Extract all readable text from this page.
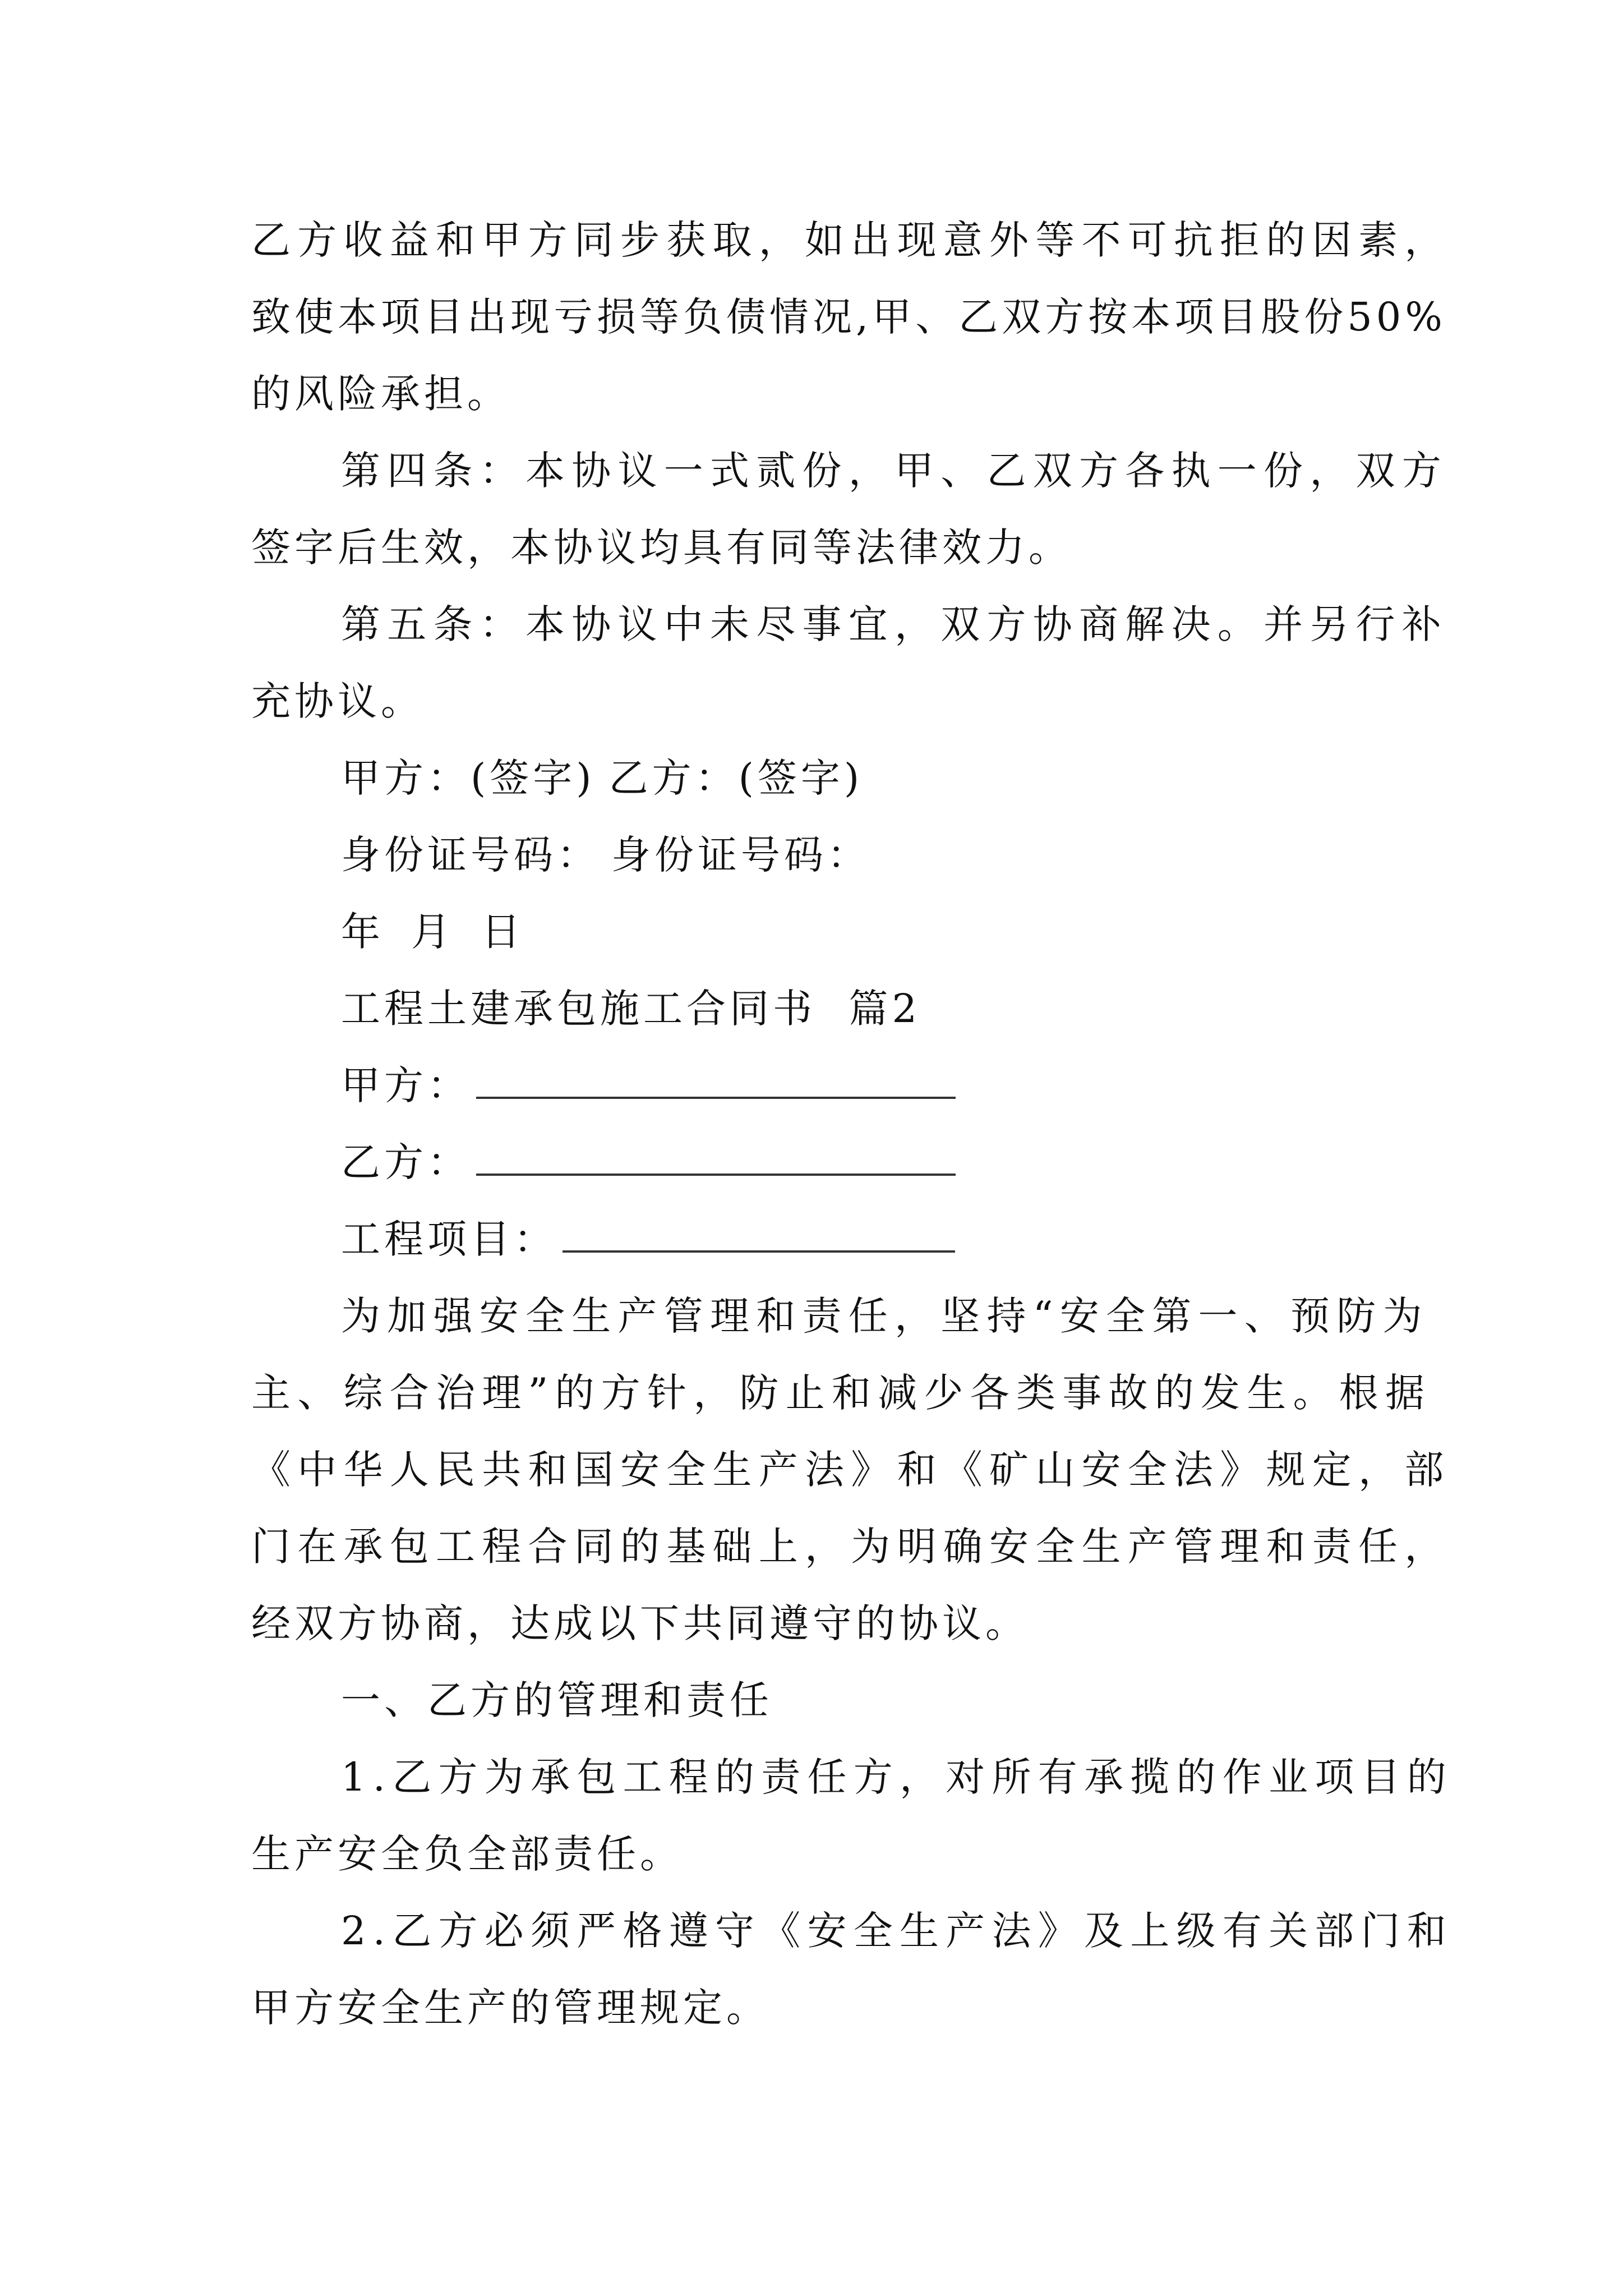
乙方收益和甲方同步获取，如出现意外等不可抗拒的因素，
致使本项目出现亏损等负债情况,甲、乙双方按本项目股份50%
的风险承担。
第四条：本协议一式贰份，甲、乙双方各执一份，双方
签字后生效，本协议均具有同等法律效力。
第五条：本协议中未尽事宜，双方协商解决。并另行补
充协议。
甲方：(签字) 乙方：(签字)
身份证号码： 身份证号码：
年 月 日
工程土建承包施工合同书  篇2
甲方：
乙方：
工程项目：
为加强安全生产管理和责任，坚持“安全第一、预防为
主、综合治理”的方针，防止和减少各类事故的发生。根据
《中华人民共和国安全生产法》和《矿山安全法》规定，部
门在承包工程合同的基础上，为明确安全生产管理和责任，
经双方协商，达成以下共同遵守的协议。
一、乙方的管理和责任
1.乙方为承包工程的责任方，对所有承揽的作业项目的
生产安全负全部责任。
2.乙方必须严格遵守《安全生产法》及上级有关部门和
甲方安全生产的管理规定。
